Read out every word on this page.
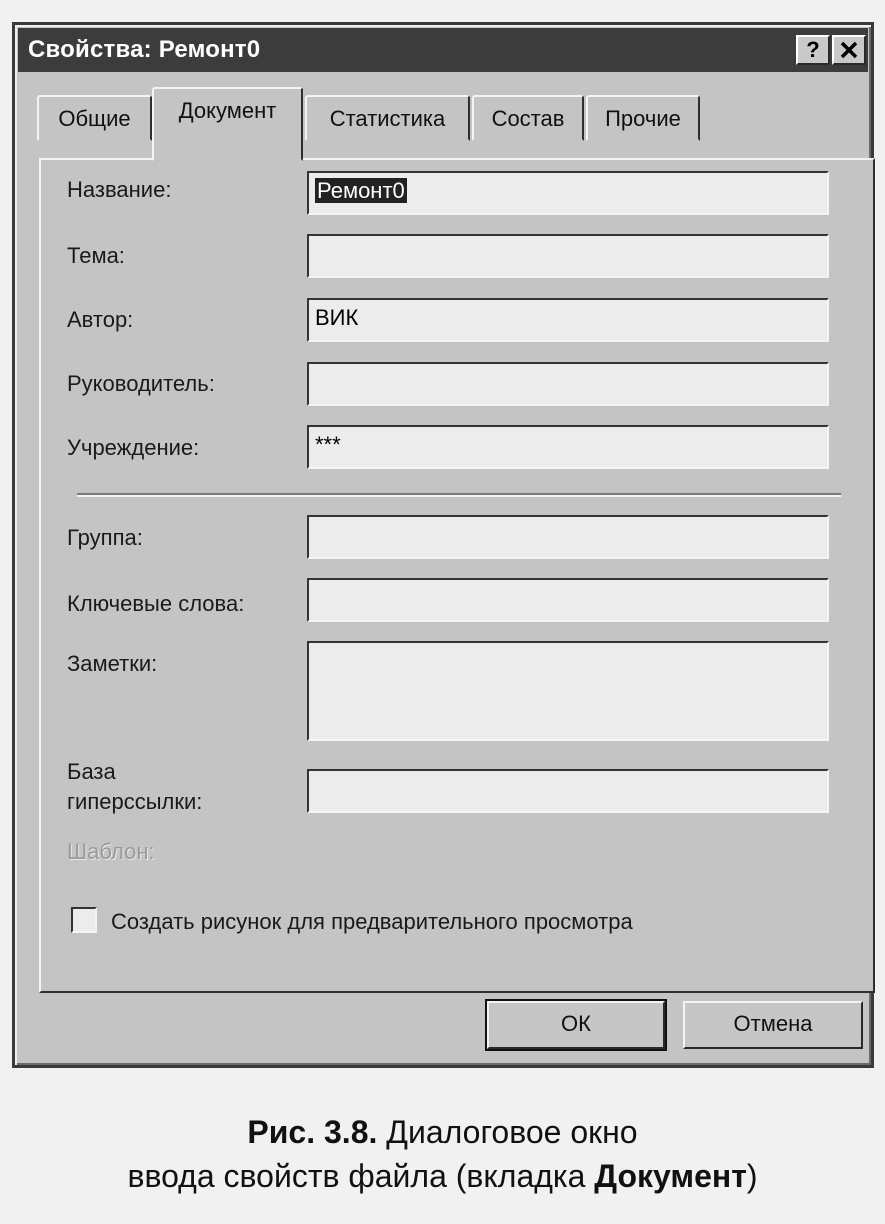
Свойства: Ремонт0	?
Общие	Документ	Статистика	Состав	Прочие
Название:	Ремонт0
Тема:
Автор:	ВИК
Руководитель:
Учреждение:	***
Группа:
Ключевые слова:
Заметки:
База
гиперссылки:
Шаблон:
Создать рисунок для предварительного просмотра
ОК	Отмена
Рис. 3.8. Диалоговое окно
ввода свойств файла (вкладка Документ)
